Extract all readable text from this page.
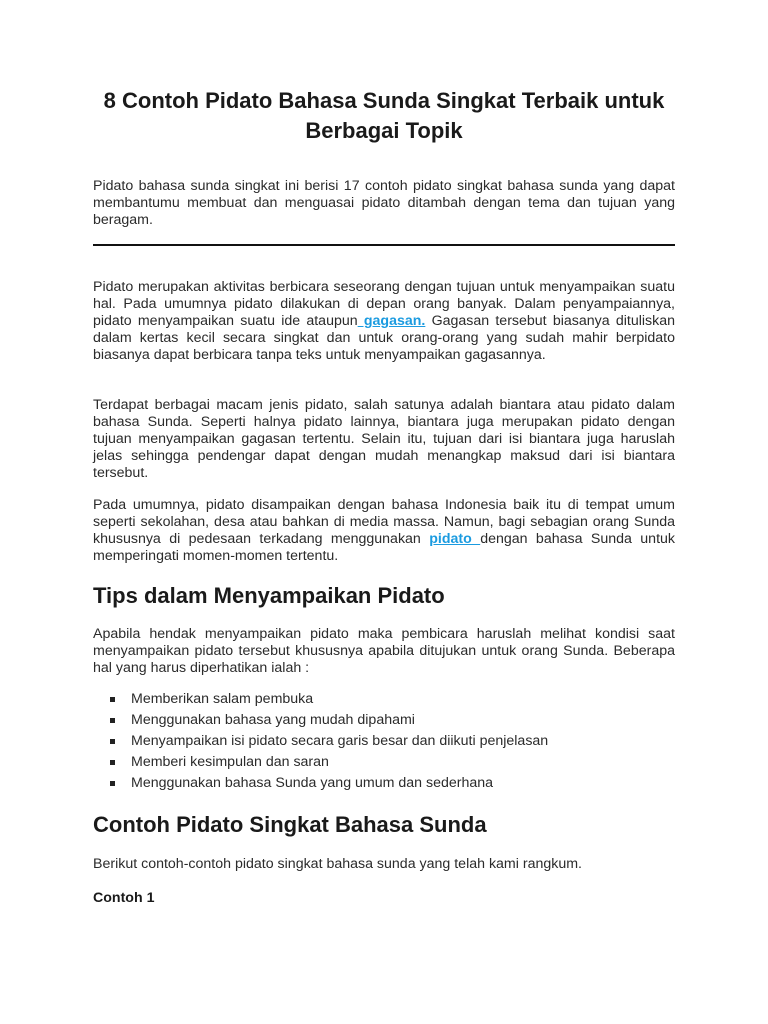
8 Contoh Pidato Bahasa Sunda Singkat Terbaik untuk Berbagai Topik

Pidato bahasa sunda singkat ini berisi 17 contoh pidato singkat bahasa sunda yang dapat membantumu membuat dan menguasai pidato ditambah dengan tema dan tujuan yang beragam.

Pidato merupakan aktivitas berbicara seseorang dengan tujuan untuk menyampaikan suatu hal. Pada umumnya pidato dilakukan di depan orang banyak. Dalam penyampaiannya, pidato menyampaikan suatu ide ataupun gagasan. Gagasan tersebut biasanya dituliskan dalam kertas kecil secara singkat dan untuk orang-orang yang sudah mahir berpidato biasanya dapat berbicara tanpa teks untuk menyampaikan gagasannya.

Terdapat berbagai macam jenis pidato, salah satunya adalah biantara atau pidato dalam bahasa Sunda. Seperti halnya pidato lainnya, biantara juga merupakan pidato dengan tujuan menyampaikan gagasan tertentu. Selain itu, tujuan dari isi biantara juga haruslah jelas sehingga pendengar dapat dengan mudah menangkap maksud dari isi biantara tersebut.

Pada umumnya, pidato disampaikan dengan bahasa Indonesia baik itu di tempat umum seperti sekolahan, desa atau bahkan di media massa. Namun, bagi sebagian orang Sunda khususnya di pedesaan terkadang menggunakan pidato dengan bahasa Sunda untuk memperingati momen-momen tertentu.

Tips dalam Menyampaikan Pidato

Apabila hendak menyampaikan pidato maka pembicara haruslah melihat kondisi saat menyampaikan pidato tersebut khususnya apabila ditujukan untuk orang Sunda. Beberapa hal yang harus diperhatikan ialah :

Memberikan salam pembuka
Menggunakan bahasa yang mudah dipahami
Menyampaikan isi pidato secara garis besar dan diikuti penjelasan
Memberi kesimpulan dan saran
Menggunakan bahasa Sunda yang umum dan sederhana
Contoh Pidato Singkat Bahasa Sunda

Berikut contoh-contoh pidato singkat bahasa sunda yang telah kami rangkum.

Contoh 1
